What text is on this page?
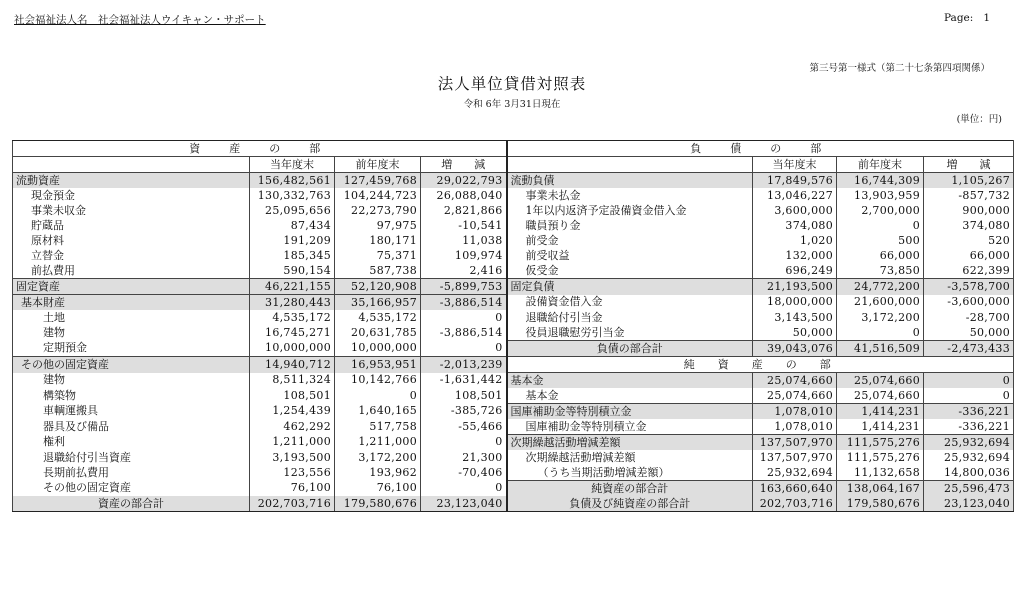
社会福祉法人名　社会福祉法人ウイキャン・サポート	Page: 1
第三号第一様式（第二十七条第四項関係）
法人単位貸借対照表
令和 6年 3月31日現在
(単位：円)
資　産　の　部				負　債　の　部			
	当年度末	前年度末	増　　減		当年度末	前年度末	増　　減
流動資産	156,482,561	127,459,768	29,022,793	流動負債	17,849,576	16,744,309	1,105,267
現金預金	130,332,763	104,244,723	26,088,040	事業未払金	13,046,227	13,903,959	-857,732
事業未収金	25,095,656	22,273,790	2,821,866	1年以内返済予定設備資金借入金	3,600,000	2,700,000	900,000
貯蔵品	87,434	97,975	-10,541	職員預り金	374,080	0	374,080
原材料	191,209	180,171	11,038	前受金	1,020	500	520
立替金	185,345	75,371	109,974	前受収益	132,000	66,000	66,000
前払費用	590,154	587,738	2,416	仮受金	696,249	73,850	622,399
固定資産	46,221,155	52,120,908	-5,899,753	固定負債	21,193,500	24,772,200	-3,578,700
基本財産	31,280,443	35,166,957	-3,886,514	設備資金借入金	18,000,000	21,600,000	-3,600,000
土地	4,535,172	4,535,172	0	退職給付引当金	3,143,500	3,172,200	-28,700
建物	16,745,271	20,631,785	-3,886,514	役員退職慰労引当金	50,000	0	50,000
定期預金	10,000,000	10,000,000	0	負債の部合計	39,043,076	41,516,509	-2,473,433
その他の固定資産	14,940,712	16,953,951	-2,013,239	純　資　産　の　部			
建物	8,511,324	10,142,766	-1,631,442	基本金	25,074,660	25,074,660	0
構築物	108,501	0	108,501	基本金	25,074,660	25,074,660	0
車輌運搬具	1,254,439	1,640,165	-385,726	国庫補助金等特別積立金	1,078,010	1,414,231	-336,221
器具及び備品	462,292	517,758	-55,466	国庫補助金等特別積立金	1,078,010	1,414,231	-336,221
権利	1,211,000	1,211,000	0	次期繰越活動増減差額	137,507,970	111,575,276	25,932,694
退職給付引当資産	3,193,500	3,172,200	21,300	次期繰越活動増減差額	137,507,970	111,575,276	25,932,694
長期前払費用	123,556	193,962	-70,406	（うち当期活動増減差額）	25,932,694	11,132,658	14,800,036
その他の固定資産	76,100	76,100	0	純資産の部合計	163,660,640	138,064,167	25,596,473
資産の部合計	202,703,716	179,580,676	23,123,040	負債及び純資産の部合計	202,703,716	179,580,676	23,123,040
